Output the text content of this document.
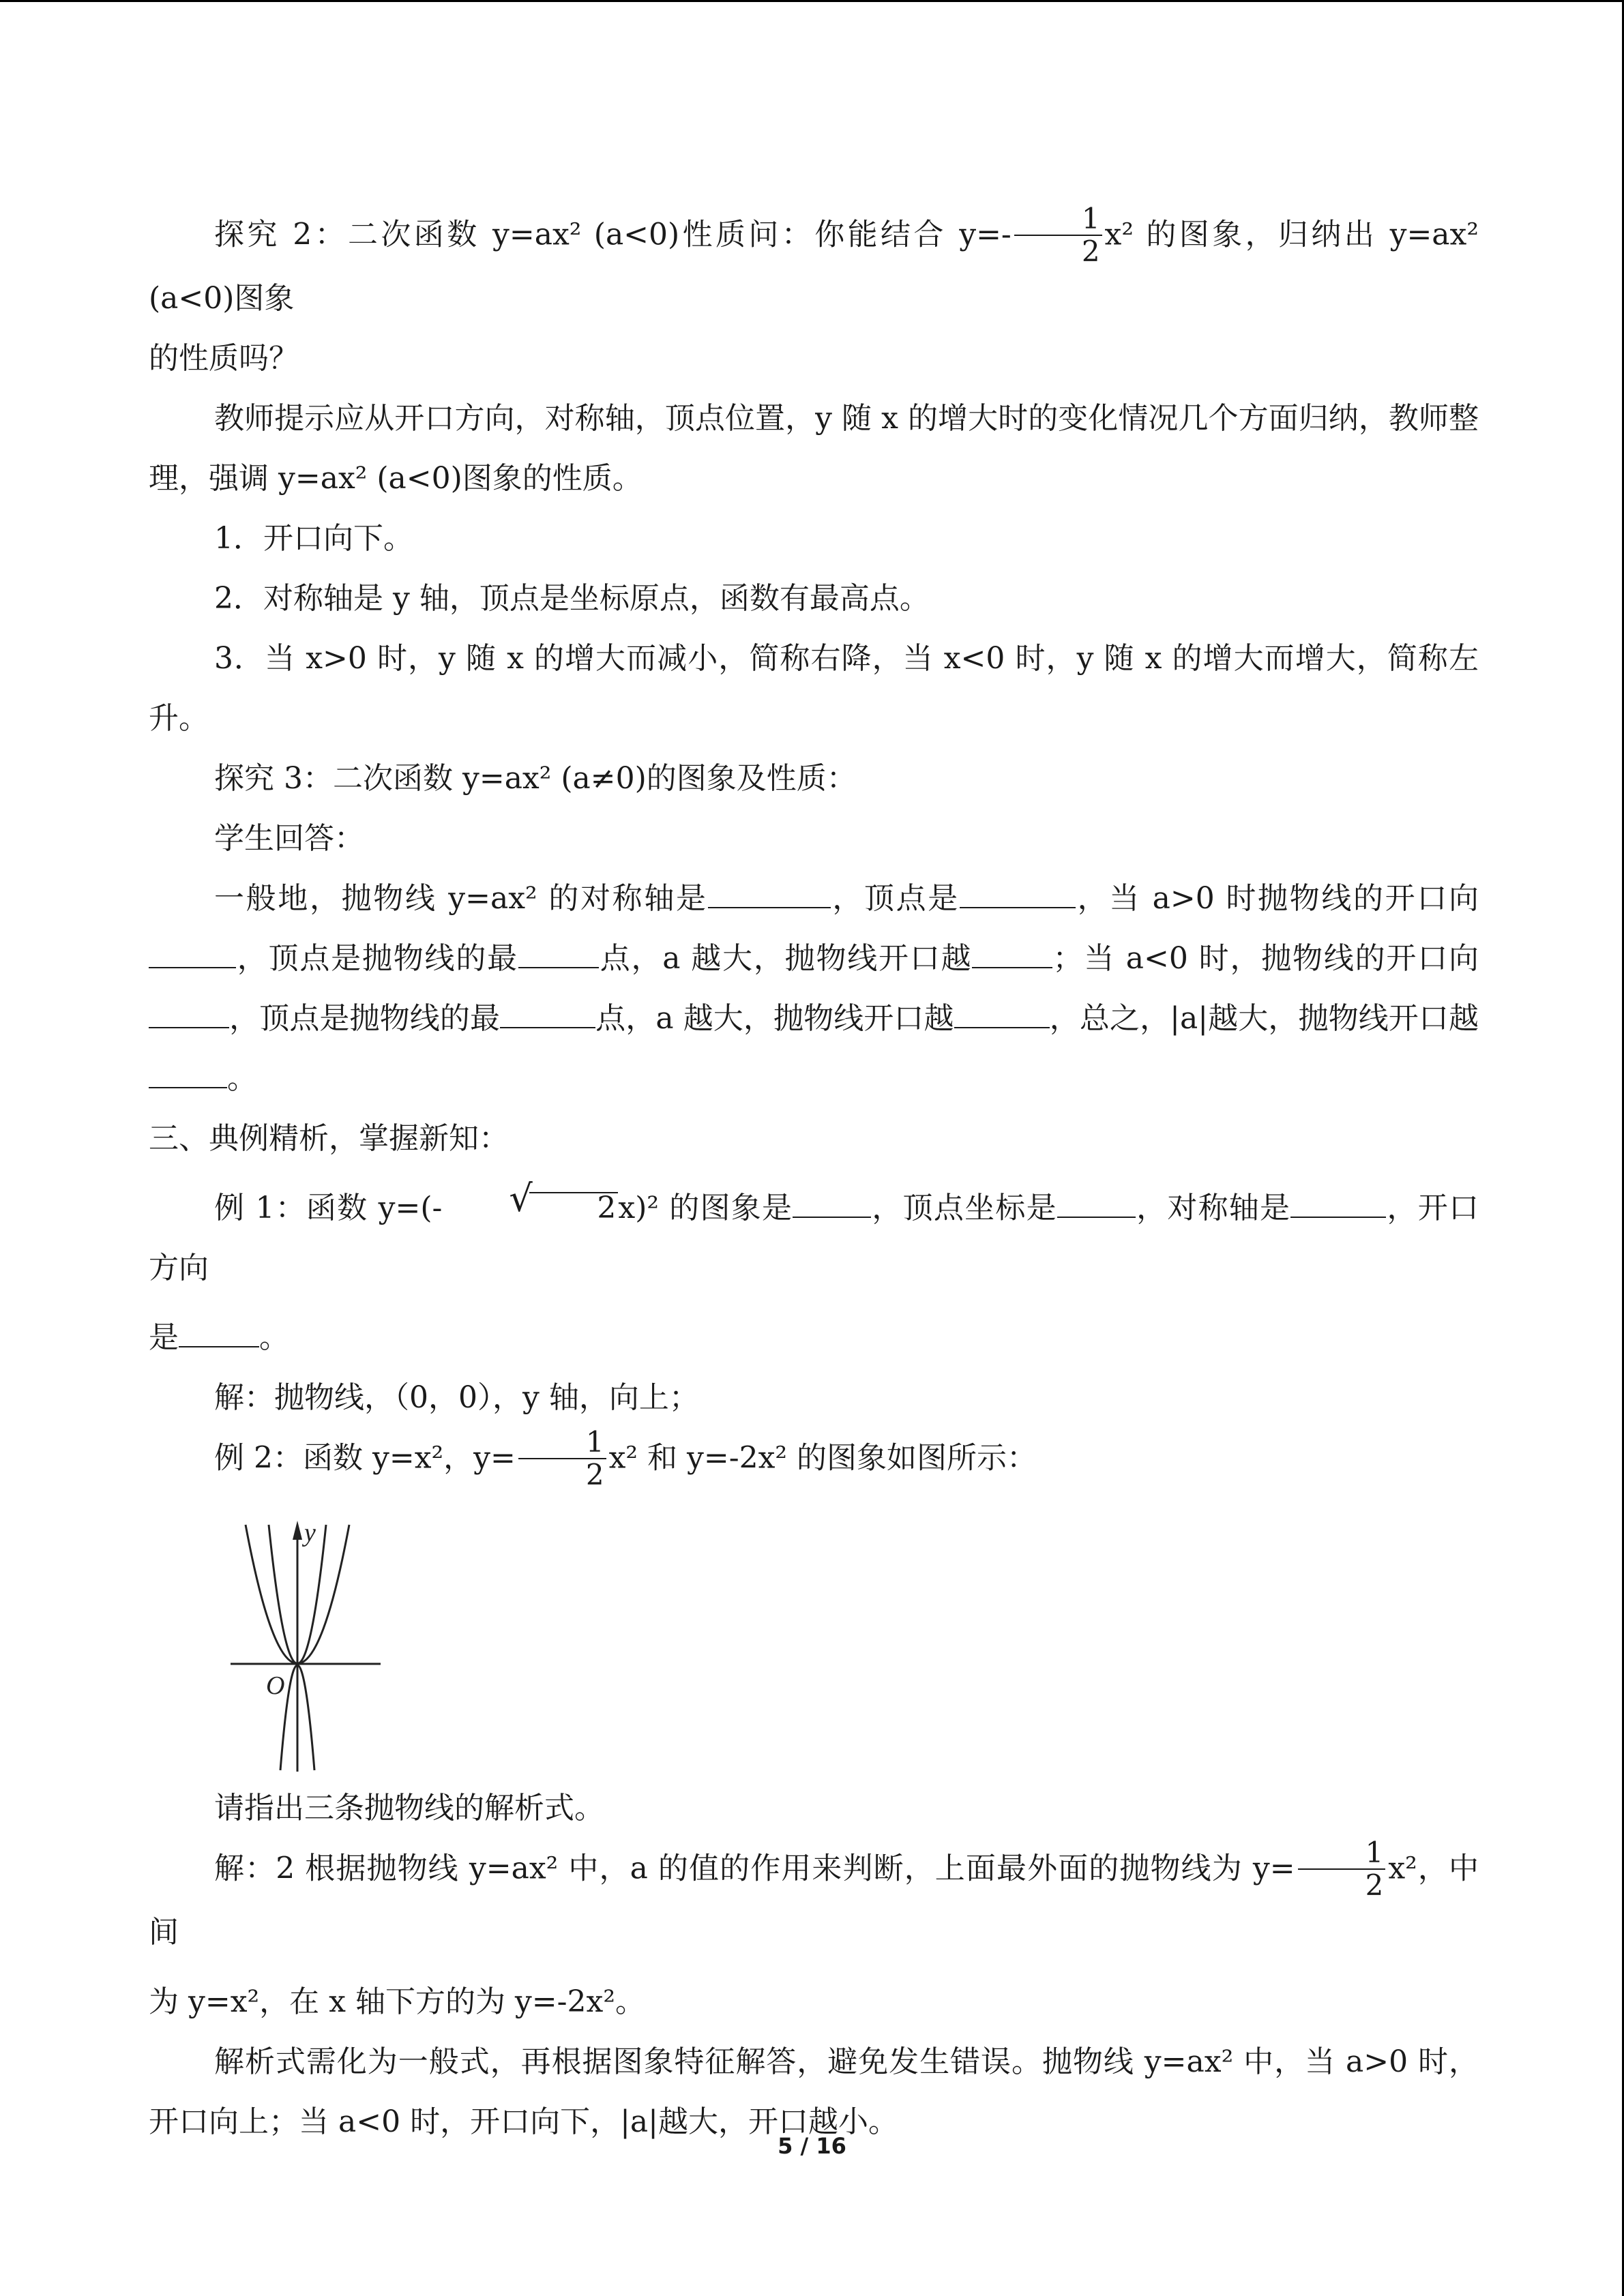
探究 2：二次函数 y=ax² (a<0)性质问：你能结合 $y=- \frac{1}{2} x^2$ 的图象，归纳出 y=ax² (a<0)图象

的性质吗？

教师提示应从开口方向，对称轴，顶点位置，y 随 x 的增大时的变化情况几个方面归纳，教师整理，强调 y=ax² (a<0)图象的性质。

1．开口向下。

2．对称轴是 y 轴，顶点是坐标原点，函数有最高点。

3．当 x>0 时，y 随 x 的增大而减小，简称右降，当 x<0 时，y 随 x 的增大而增大，简称左升。

探究 3：二次函数 y=ax² (a≠0)的图象及性质：

学生回答：

一般地，抛物线 y=ax² 的对称轴是	，顶点是	，当 a>0 时抛物线的开口向，顶点是抛物线的最	点，a 越大，抛物线开口越	；当 a<0 时，抛物线的开口向，顶点是抛物线的最	点，a 越大，抛物线开口越	，总之，|a|越大，抛物线开口越。

三、典例精析，掌握新知：

例 1：函数 y=(-	√ 2x)² 的图象是	，顶点坐标是	，对称轴是	，开口方向

是	。

解：抛物线，（0，0），y 轴，向上；

例 2：函数 y=x²，$y= \frac{1}{2} x^2$ 和 y=-2x² 的图象如图所示：

y
O

请指出三条抛物线的解析式。

解：2 根据抛物线 y=ax² 中，a 的值的作用来判断，上面最外面的抛物线为 $y= \frac{1}{2} x^2$，中间

为 y=x²，在 x 轴下方的为 y=-2x²。

解析式需化为一般式，再根据图象特征解答，避免发生错误。抛物线 y=ax² 中，当 a>0 时，开口向上；当 a<0 时，开口向下，|a|越大，开口越小。

5 / 16
